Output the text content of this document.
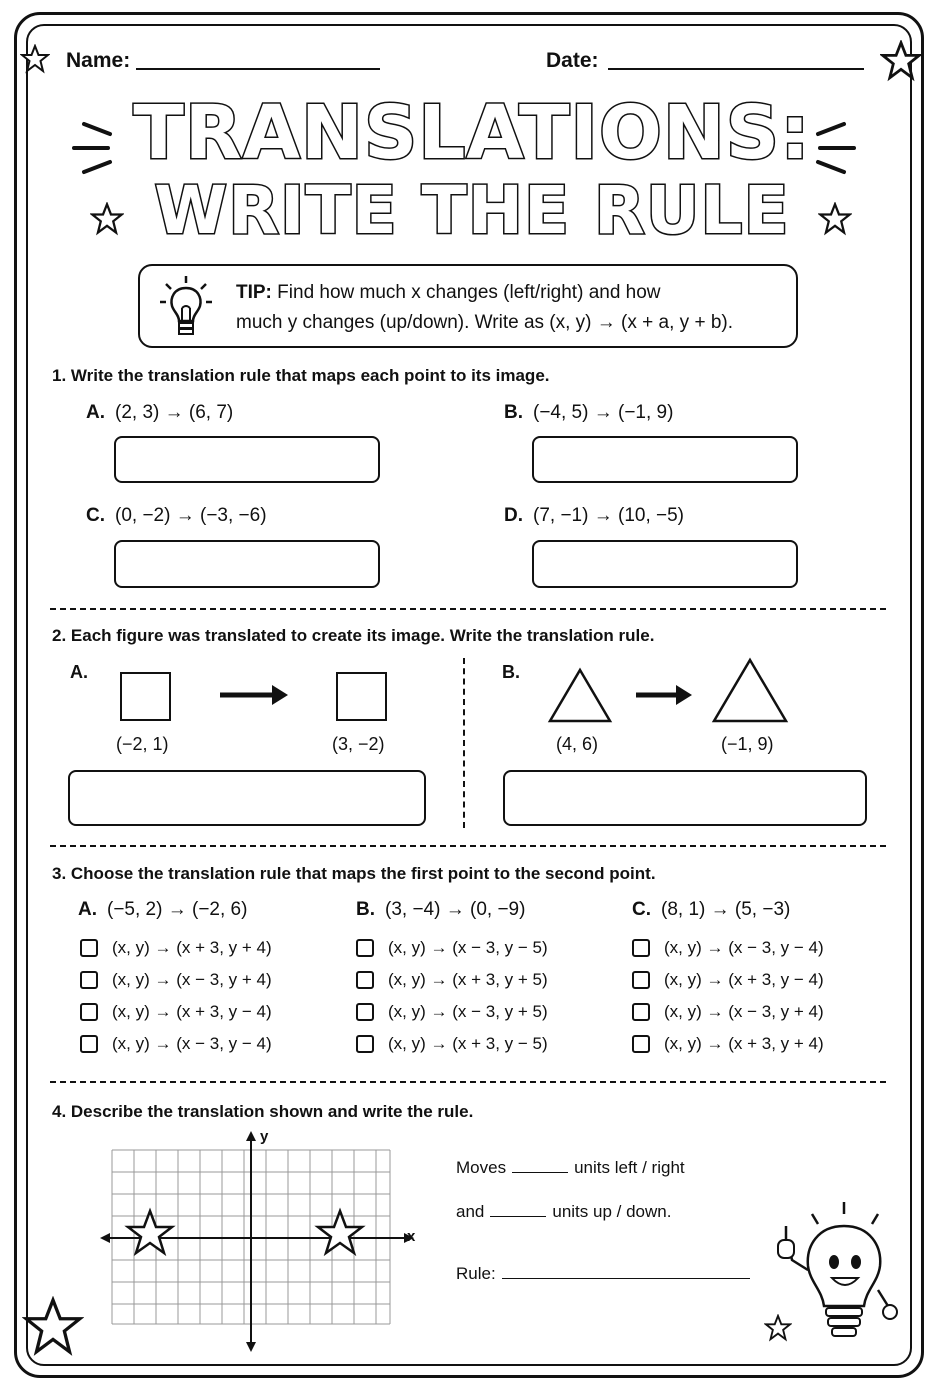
Name:	Date:
TRANSLATIONS:
WRITE THE RULE
TIP: Find how much x changes (left/right) and how
much y changes (up/down). Write as (x, y) → (x + a, y + b).
1. Write the translation rule that maps each point to its image.
A. (2, 3) → (6, 7)	B. (−4, 5) → (−1, 9)
C. (0, −2) → (−3, −6)	D. (7, −1) → (10, −5)
2. Each figure was translated to create its image. Write the translation rule.
A.
(−2, 1)	(3, −2)
B.
(4, 6)	(−1, 9)
3. Choose the translation rule that maps the first point to the second point.
A. (−5, 2) → (−2, 6)
(x, y) → (x + 3, y + 4)
(x, y) → (x − 3, y + 4)
(x, y) → (x + 3, y − 4)
(x, y) → (x − 3, y − 4)
B. (3, −4) → (0, −9)
(x, y) → (x − 3, y − 5)
(x, y) → (x + 3, y + 5)
(x, y) → (x − 3, y + 5)
(x, y) → (x + 3, y − 5)
C. (8, 1) → (5, −3)
(x, y) → (x − 3, y − 4)
(x, y) → (x + 3, y − 4)
(x, y) → (x − 3, y + 4)
(x, y) → (x + 3, y + 4)
4. Describe the translation shown and write the rule.
y
x
Moves	units left / right
and	units up / down.
Rule:
